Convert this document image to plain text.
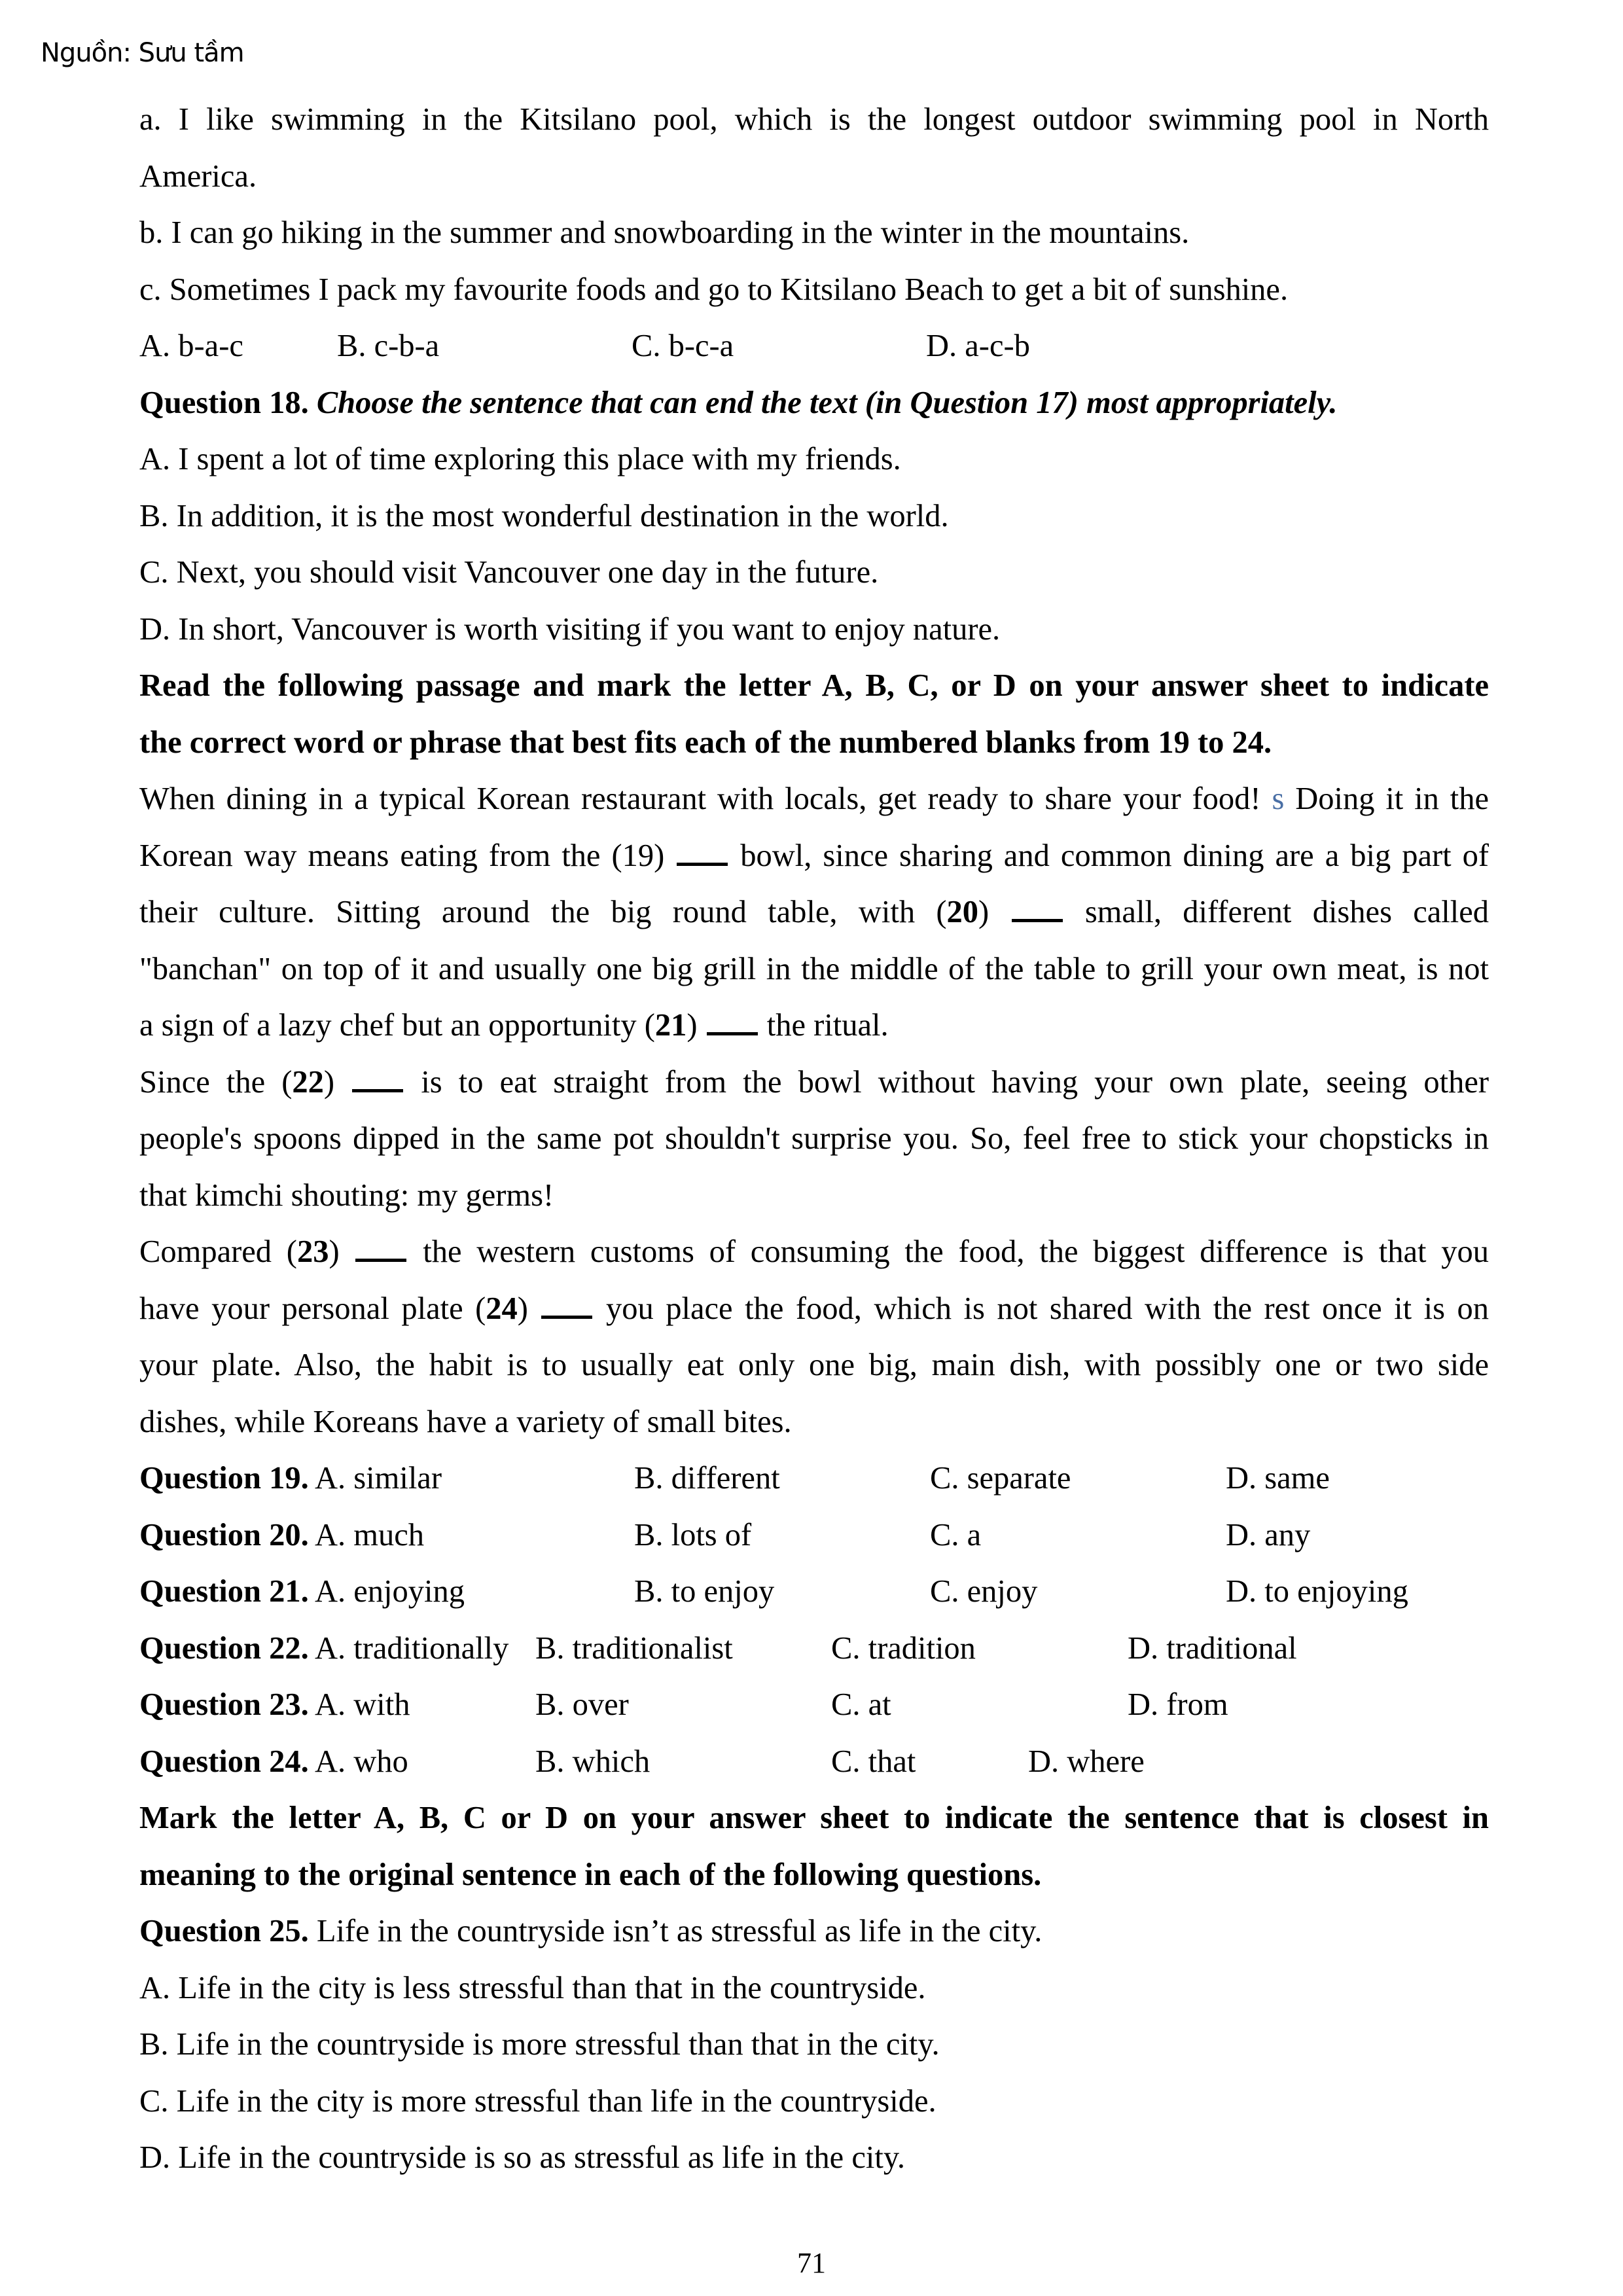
Nguồn: Sưu tầm
a. I like swimming in the Kitsilano pool, which is the longest outdoor swimming pool in North
America.
b. I can go hiking in the summer and snowboarding in the winter in the mountains.
c. Sometimes I pack my favourite foods and go to Kitsilano Beach to get a bit of sunshine.
A. b-a-c	B. c-b-a	C. b-c-a	D. a-c-b
Question 18. Choose the sentence that can end the text (in Question 17) most appropriately.
A. I spent a lot of time exploring this place with my friends.
B. In addition, it is the most wonderful destination in the world.
C. Next, you should visit Vancouver one day in the future.
D. In short, Vancouver is worth visiting if you want to enjoy nature.
Read the following passage and mark the letter A, B, C, or D on your answer sheet to indicate
the correct word or phrase that best fits each of the numbered blanks from 19 to 24.
When dining in a typical Korean restaurant with locals, get ready to share your food! s Doing it in the
Korean way means eating from the (19) bowl, since sharing and common dining are a big part of
their culture. Sitting around the big round table, with (20)	small, different dishes called
"banchan" on top of it and usually one big grill in the middle of the table to grill your own meat, is not
a sign of a lazy chef but an opportunity (21) the ritual.
Since the (22)	is to eat straight from the bowl without having your own plate, seeing other
people's spoons dipped in the same pot shouldn't surprise you. So, feel free to stick your chopsticks in
that kimchi shouting: my germs!
Compared (23)	the western customs of consuming the food, the biggest difference is that you
have your personal plate (24) you place the food, which is not shared with the rest once it is on
your plate. Also, the habit is to usually eat only one big, main dish, with possibly one or two side
dishes, while Koreans have a variety of small bites.
Question 19. A. similar	B. different	C. separate	D. same
Question 20. A. much	B. lots of	C. a	D. any
Question 21. A. enjoying	B. to enjoy	C. enjoy	D. to enjoying
Question 22. A. traditionally B. traditionalist	C. tradition	D. traditional
Question 23. A. with	B. over	C. at	D. from
Question 24. A. who	B. which	C. that	D. where
Mark the letter A, B, C or D on your answer sheet to indicate the sentence that is closest in
meaning to the original sentence in each of the following questions.
Question 25. Life in the countryside isn’t as stressful as life in the city.
A. Life in the city is less stressful than that in the countryside.
B. Life in the countryside is more stressful than that in the city.
C. Life in the city is more stressful than life in the countryside.
D. Life in the countryside is so as stressful as life in the city.
71
